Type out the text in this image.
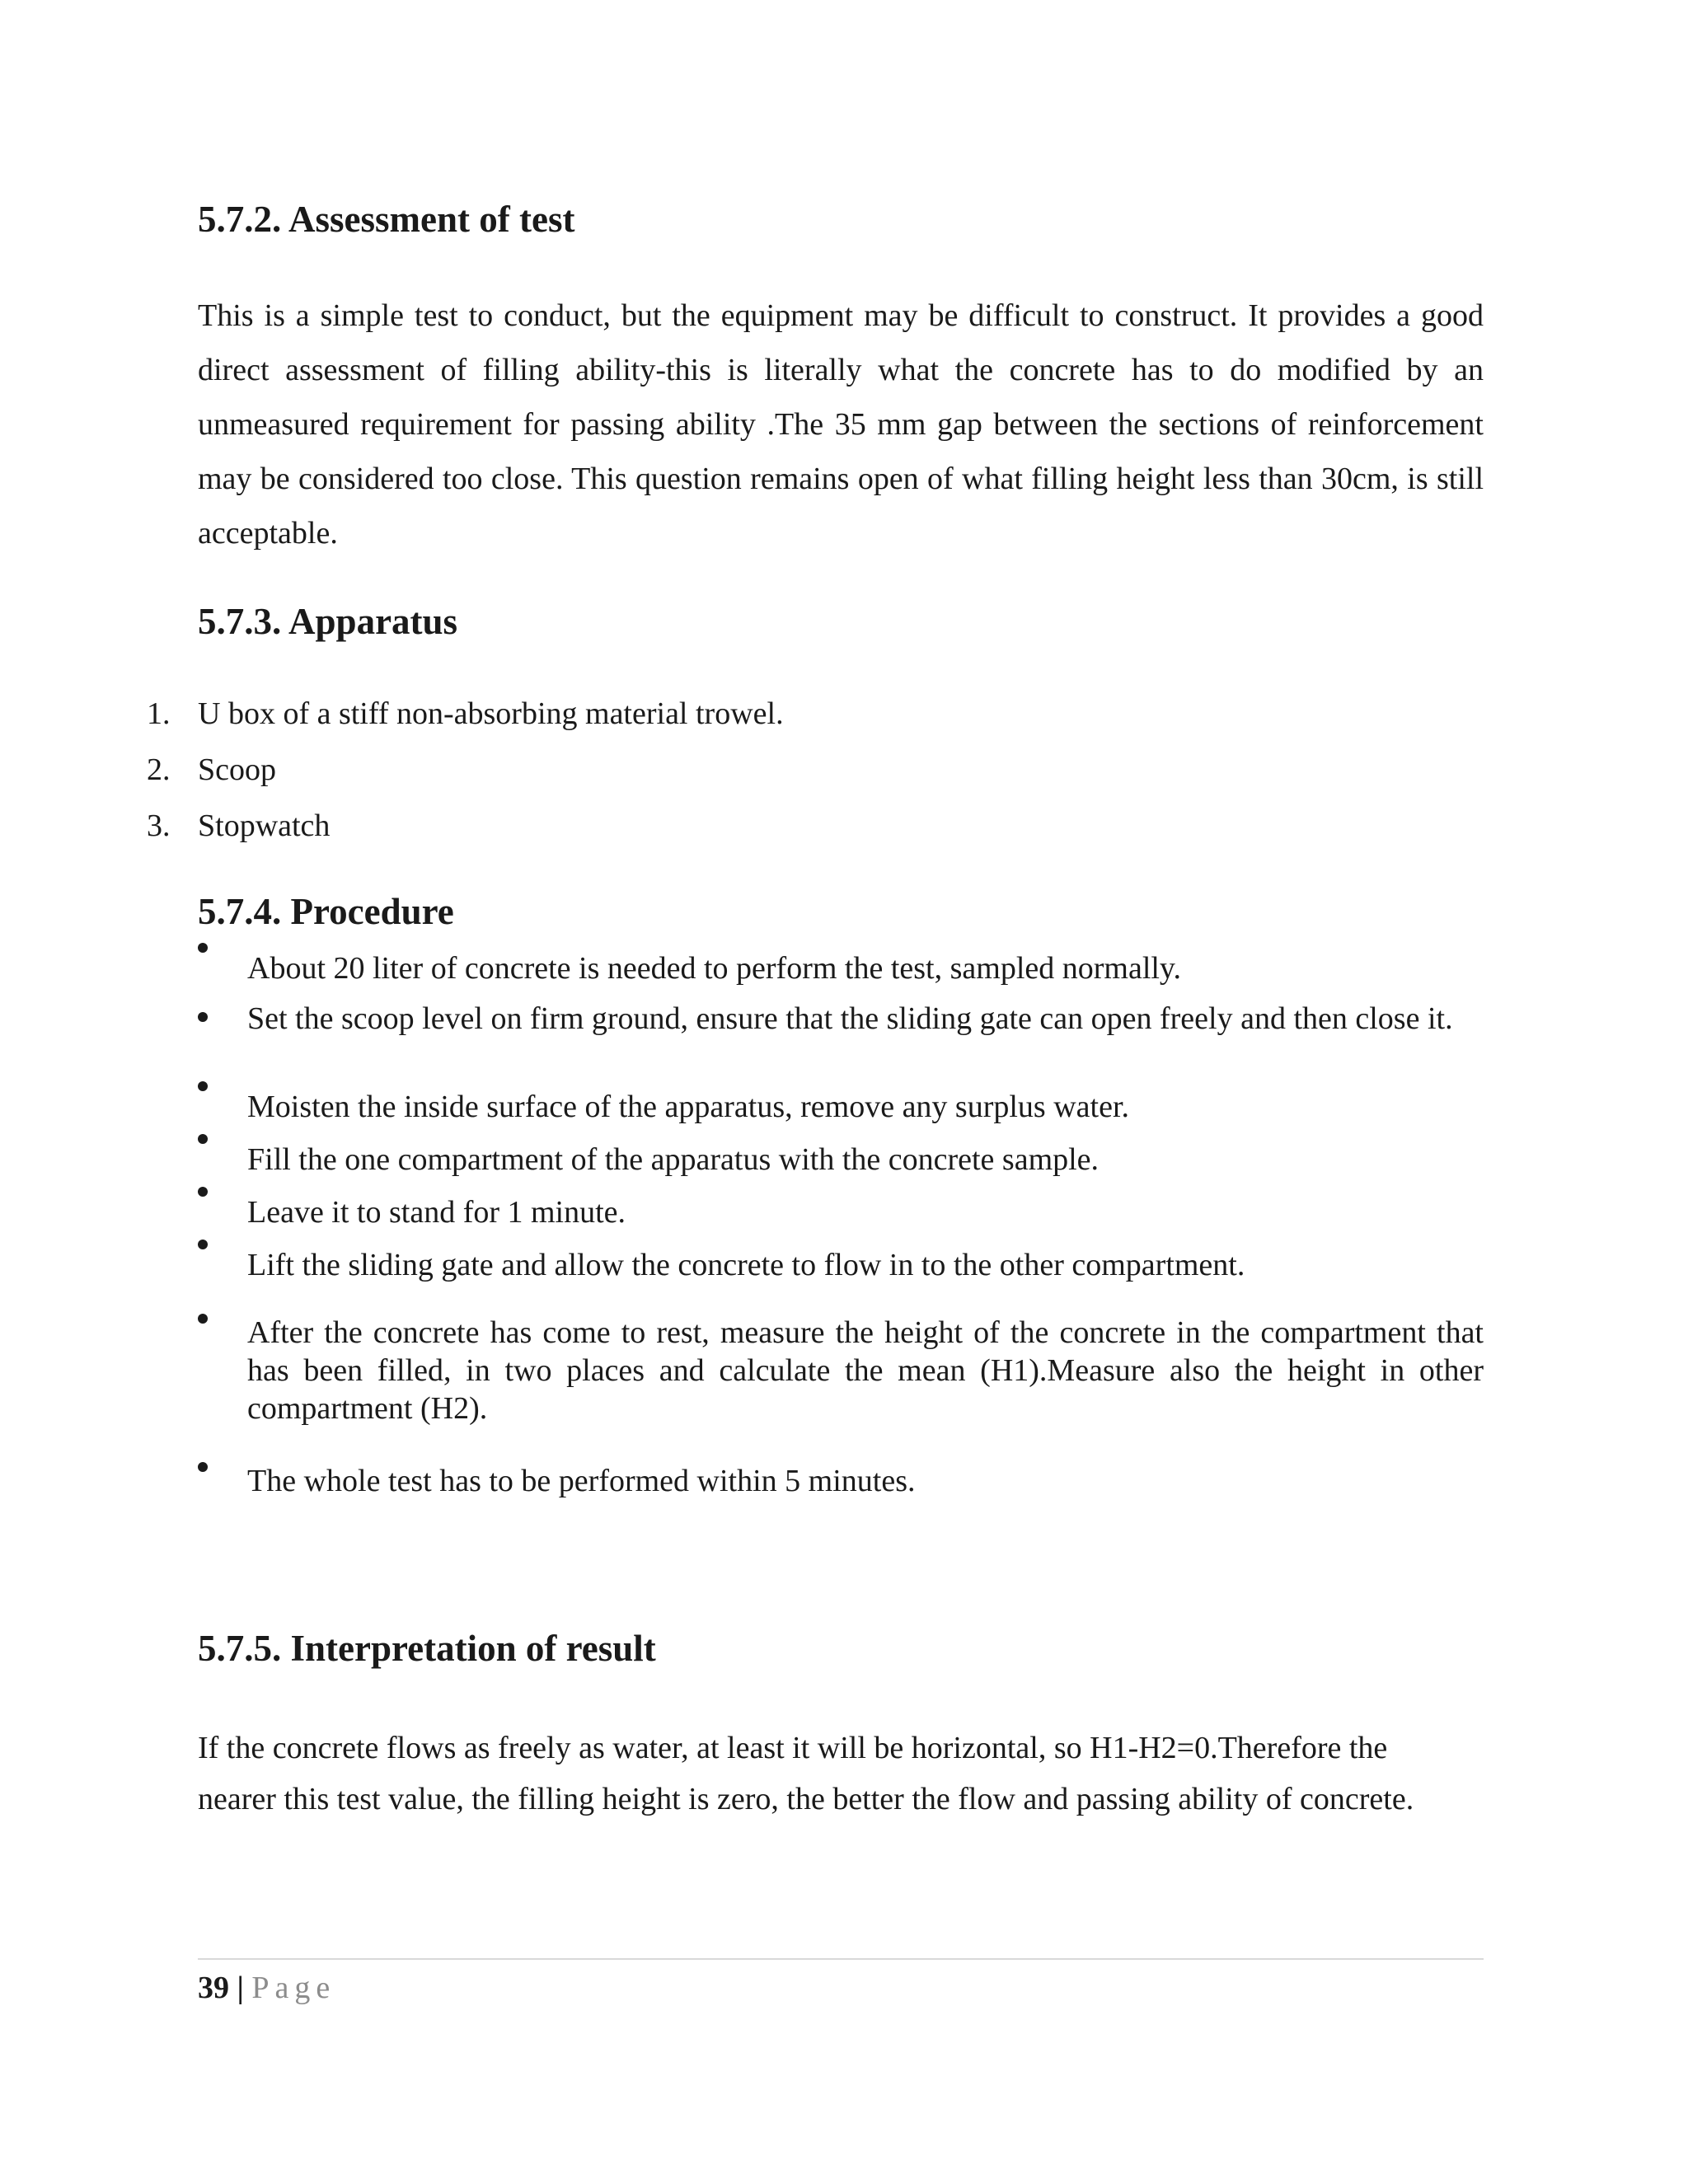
5.7.2. Assessment of test

This is a simple test to conduct, but the equipment may be difficult to construct. It provides a good direct assessment of filling ability-this is literally what the concrete has to do modified by an unmeasured requirement for passing ability .The 35 mm gap between the sections of reinforcement may be considered too close. This question remains open of what filling height less than 30cm, is still acceptable.

5.7.3. Apparatus
1. U box of a stiff non-absorbing material trowel.
2. Scoop
3. Stopwatch
5.7.4. Procedure
About 20 liter of concrete is needed to perform the test, sampled normally.
Set the scoop level on firm ground, ensure that the sliding gate can open freely and then close it.
Moisten the inside surface of the apparatus, remove any surplus water.
Fill the one compartment of the apparatus with the concrete sample.
Leave it to stand for 1 minute.
Lift the sliding gate and allow the concrete to flow in to the other compartment.
After the concrete has come to rest, measure the height of the concrete in the compartment that has been filled, in two places and calculate the mean (H1).Measure also the height in other compartment (H2).
The whole test has to be performed within 5 minutes.
5.7.5. Interpretation of result
If the concrete flows as freely as water, at least it will be horizontal, so H1-H2=0.Therefore the
nearer this test value, the filling height is zero, the better the flow and passing ability of concrete.
39 | Page
